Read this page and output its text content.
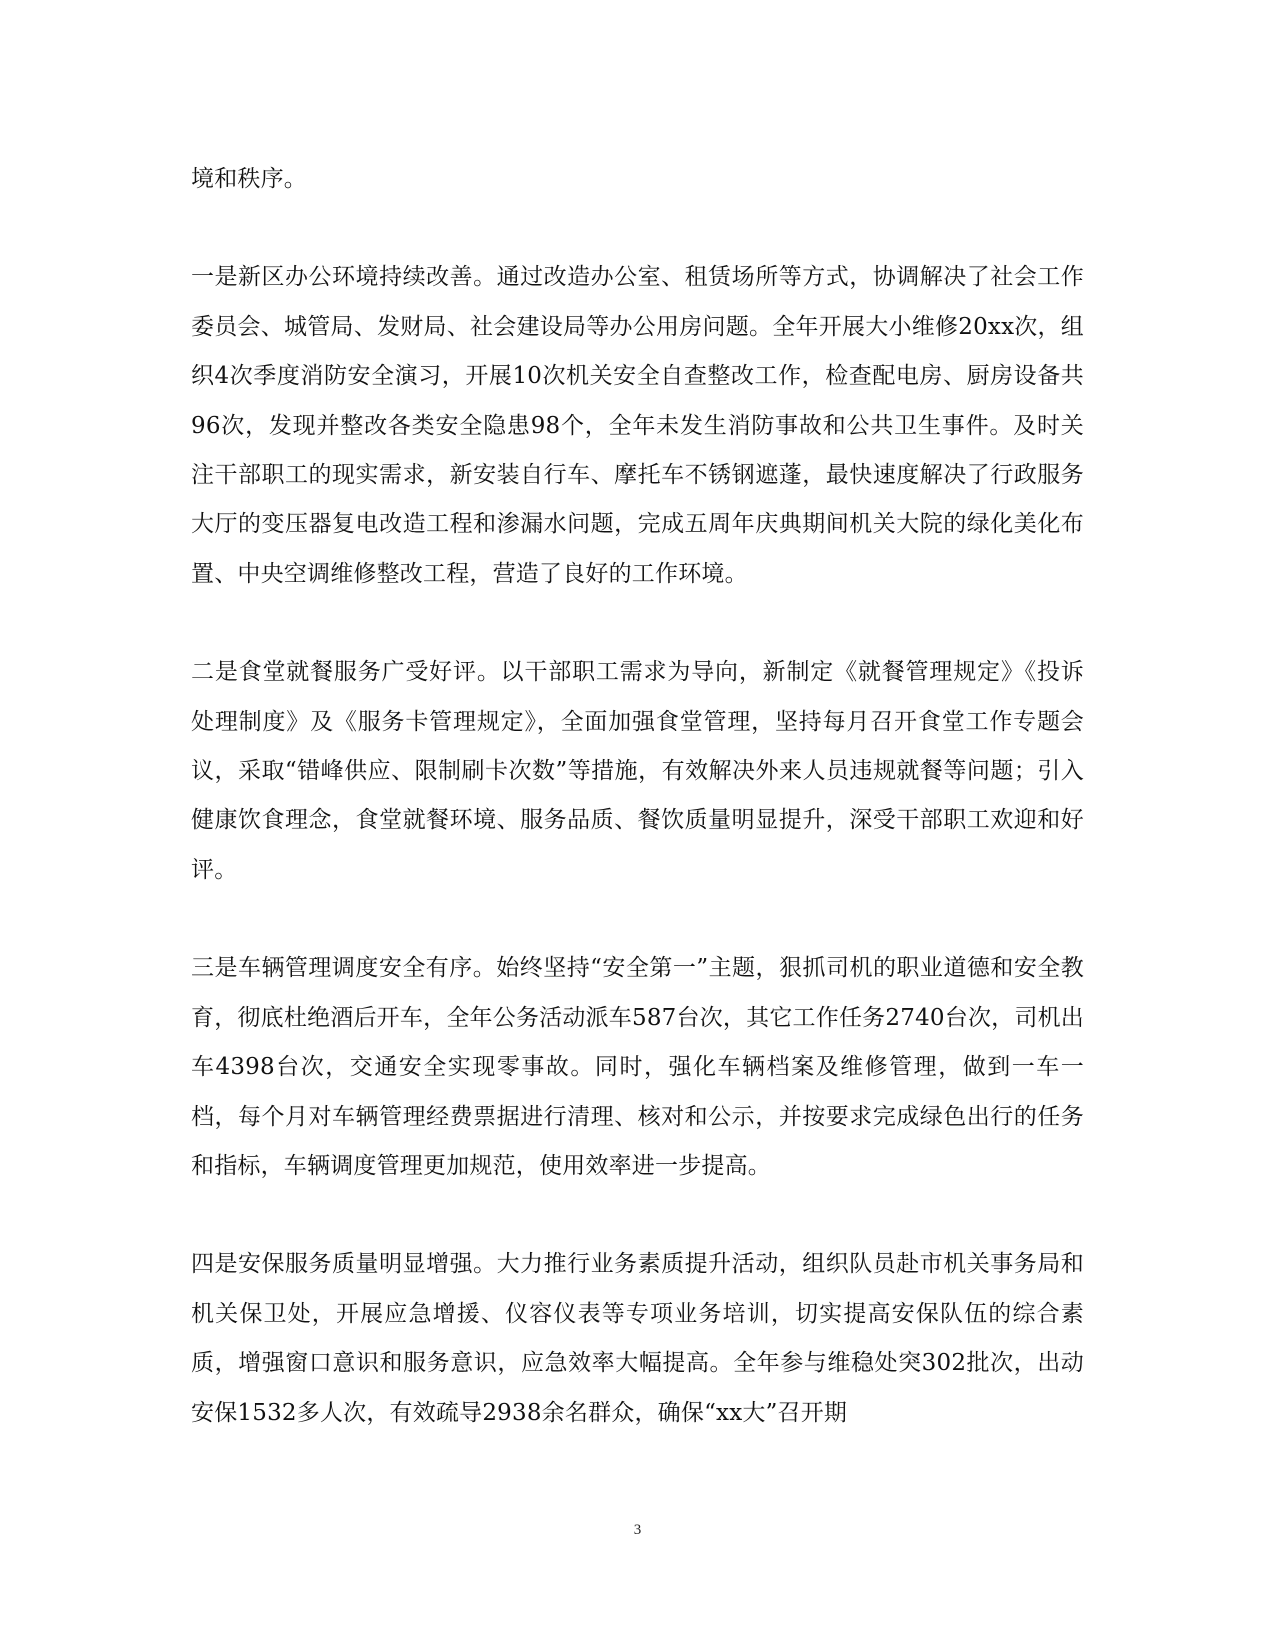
境和秩序。

一是新区办公环境持续改善。通过改造办公室、租赁场所等方式，协调解决了社会工作委员会、城管局、发财局、社会建设局等办公用房问题。全年开展大小维修20xx次，组织4次季度消防安全演习，开展10次机关安全自查整改工作，检查配电房、厨房设备共96次，发现并整改各类安全隐患98个，全年未发生消防事故和公共卫生事件。及时关注干部职工的现实需求，新安装自行车、摩托车不锈钢遮蓬，最快速度解决了行政服务大厅的变压器复电改造工程和渗漏水问题，完成五周年庆典期间机关大院的绿化美化布置、中央空调维修整改工程，营造了良好的工作环境。

二是食堂就餐服务广受好评。以干部职工需求为导向，新制定《就餐管理规定》《投诉处理制度》及《服务卡管理规定》，全面加强食堂管理，坚持每月召开食堂工作专题会议，采取“错峰供应、限制刷卡次数”等措施，有效解决外来人员违规就餐等问题；引入健康饮食理念，食堂就餐环境、服务品质、餐饮质量明显提升，深受干部职工欢迎和好评。

三是车辆管理调度安全有序。始终坚持“安全第一”主题，狠抓司机的职业道德和安全教育，彻底杜绝酒后开车，全年公务活动派车587台次，其它工作任务2740台次，司机出车4398台次，交通安全实现零事故。同时，强化车辆档案及维修管理，做到一车一档，每个月对车辆管理经费票据进行清理、核对和公示，并按要求完成绿色出行的任务和指标，车辆调度管理更加规范，使用效率进一步提高。

四是安保服务质量明显增强。大力推行业务素质提升活动，组织队员赴市机关事务局和机关保卫处，开展应急增援、仪容仪表等专项业务培训，切实提高安保队伍的综合素质，增强窗口意识和服务意识，应急效率大幅提高。全年参与维稳处突302批次，出动安保1532多人次，有效疏导2938余名群众，确保“xx大”召开期

3
